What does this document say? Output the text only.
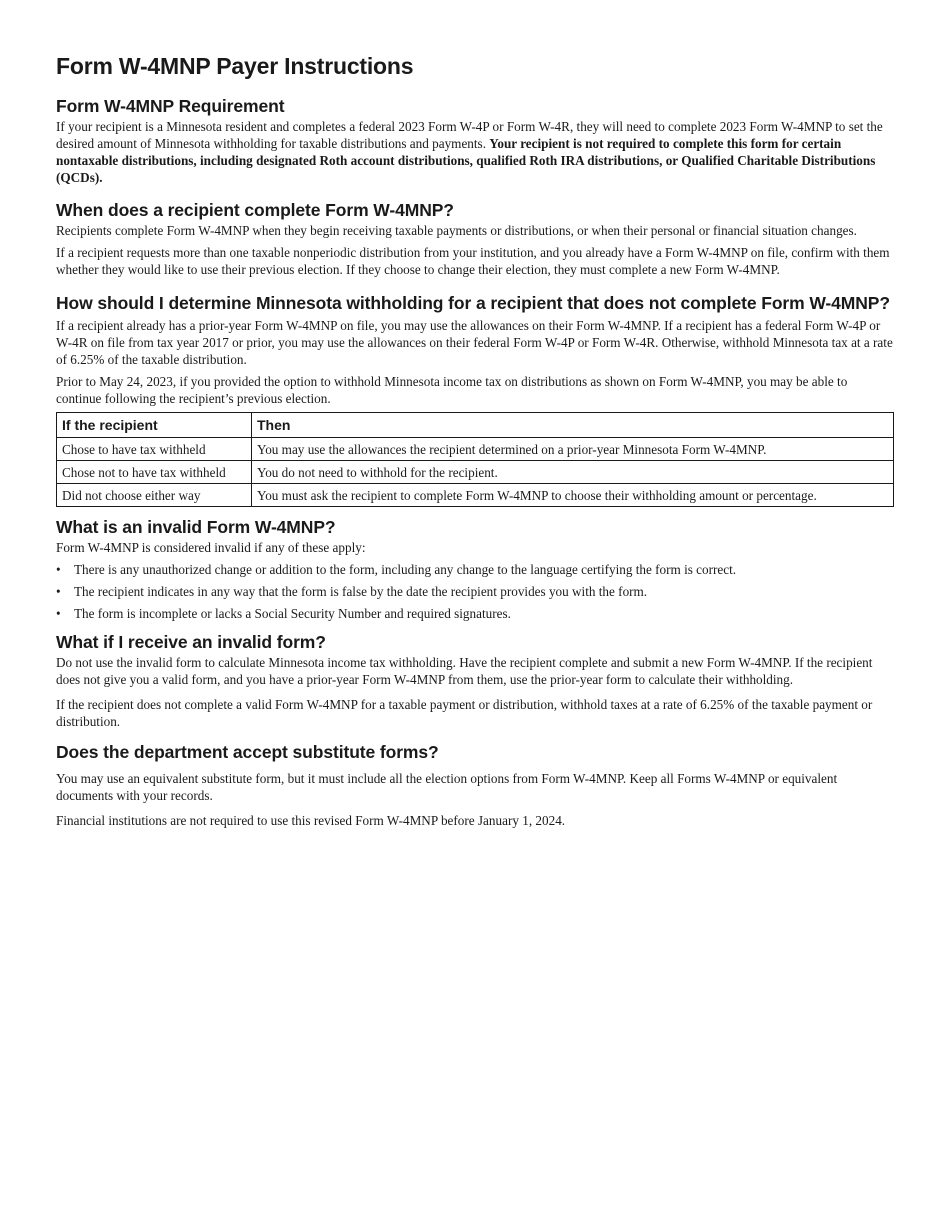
Form W-4MNP Payer Instructions
Form W-4MNP Requirement

If your recipient is a Minnesota resident and completes a federal 2023 Form W-4P or Form W-4R, they will need to complete 2023 Form W-4MNP to set the desired amount of Minnesota withholding for taxable distributions and payments. Your recipient is not required to complete this form for certain nontaxable distributions, including designated Roth account distributions, qualified Roth IRA distributions, or Qualified Charitable Distributions (QCDs).

When does a recipient complete Form W-4MNP?

Recipients complete Form W-4MNP when they begin receiving taxable payments or distributions, or when their personal or financial situation changes.

If a recipient requests more than one taxable nonperiodic distribution from your institution, and you already have a Form W-4MNP on file, confirm with them whether they would like to use their previous election. If they choose to change their election, they must complete a new Form W-4MNP.

How should I determine Minnesota withholding for a recipient that does not complete Form W-4MNP?

If a recipient already has a prior-year Form W-4MNP on file, you may use the allowances on their Form W-4MNP. If a recipient has a federal Form W-4P or W-4R on file from tax year 2017 or prior, you may use the allowances on their federal Form W-4P or Form W-4R. Otherwise, withhold Minnesota tax at a rate of 6.25% of the taxable distribution.

Prior to May 24, 2023, if you provided the option to withhold Minnesota income tax on distributions as shown on Form W-4MNP, you may be able to continue following the recipient’s previous election.

If the recipient	Then
Chose to have tax withheld	You may use the allowances the recipient determined on a prior-year Minnesota Form W-4MNP.
Chose not to have tax withheld	You do not need to withhold for the recipient.
Did not choose either way	You must ask the recipient to complete Form W-4MNP to choose their withholding amount or percentage.
What is an invalid Form W-4MNP?

Form W-4MNP is considered invalid if any of these apply:

• There is any unauthorized change or addition to the form, including any change to the language certifying the form is correct.
• The recipient indicates in any way that the form is false by the date the recipient provides you with the form.
• The form is incomplete or lacks a Social Security Number and required signatures.
What if I receive an invalid form?

Do not use the invalid form to calculate Minnesota income tax withholding. Have the recipient complete and submit a new Form W-4MNP. If the recipient does not give you a valid form, and you have a prior-year Form W-4MNP from them, use the prior-year form to calculate their withholding.

If the recipient does not complete a valid Form W-4MNP for a taxable payment or distribution, withhold taxes at a rate of 6.25% of the taxable payment or distribution.

Does the department accept substitute forms?

You may use an equivalent substitute form, but it must include all the election options from Form W-4MNP. Keep all Forms W-4MNP or equivalent documents with your records.

Financial institutions are not required to use this revised Form W-4MNP before January 1, 2024.
